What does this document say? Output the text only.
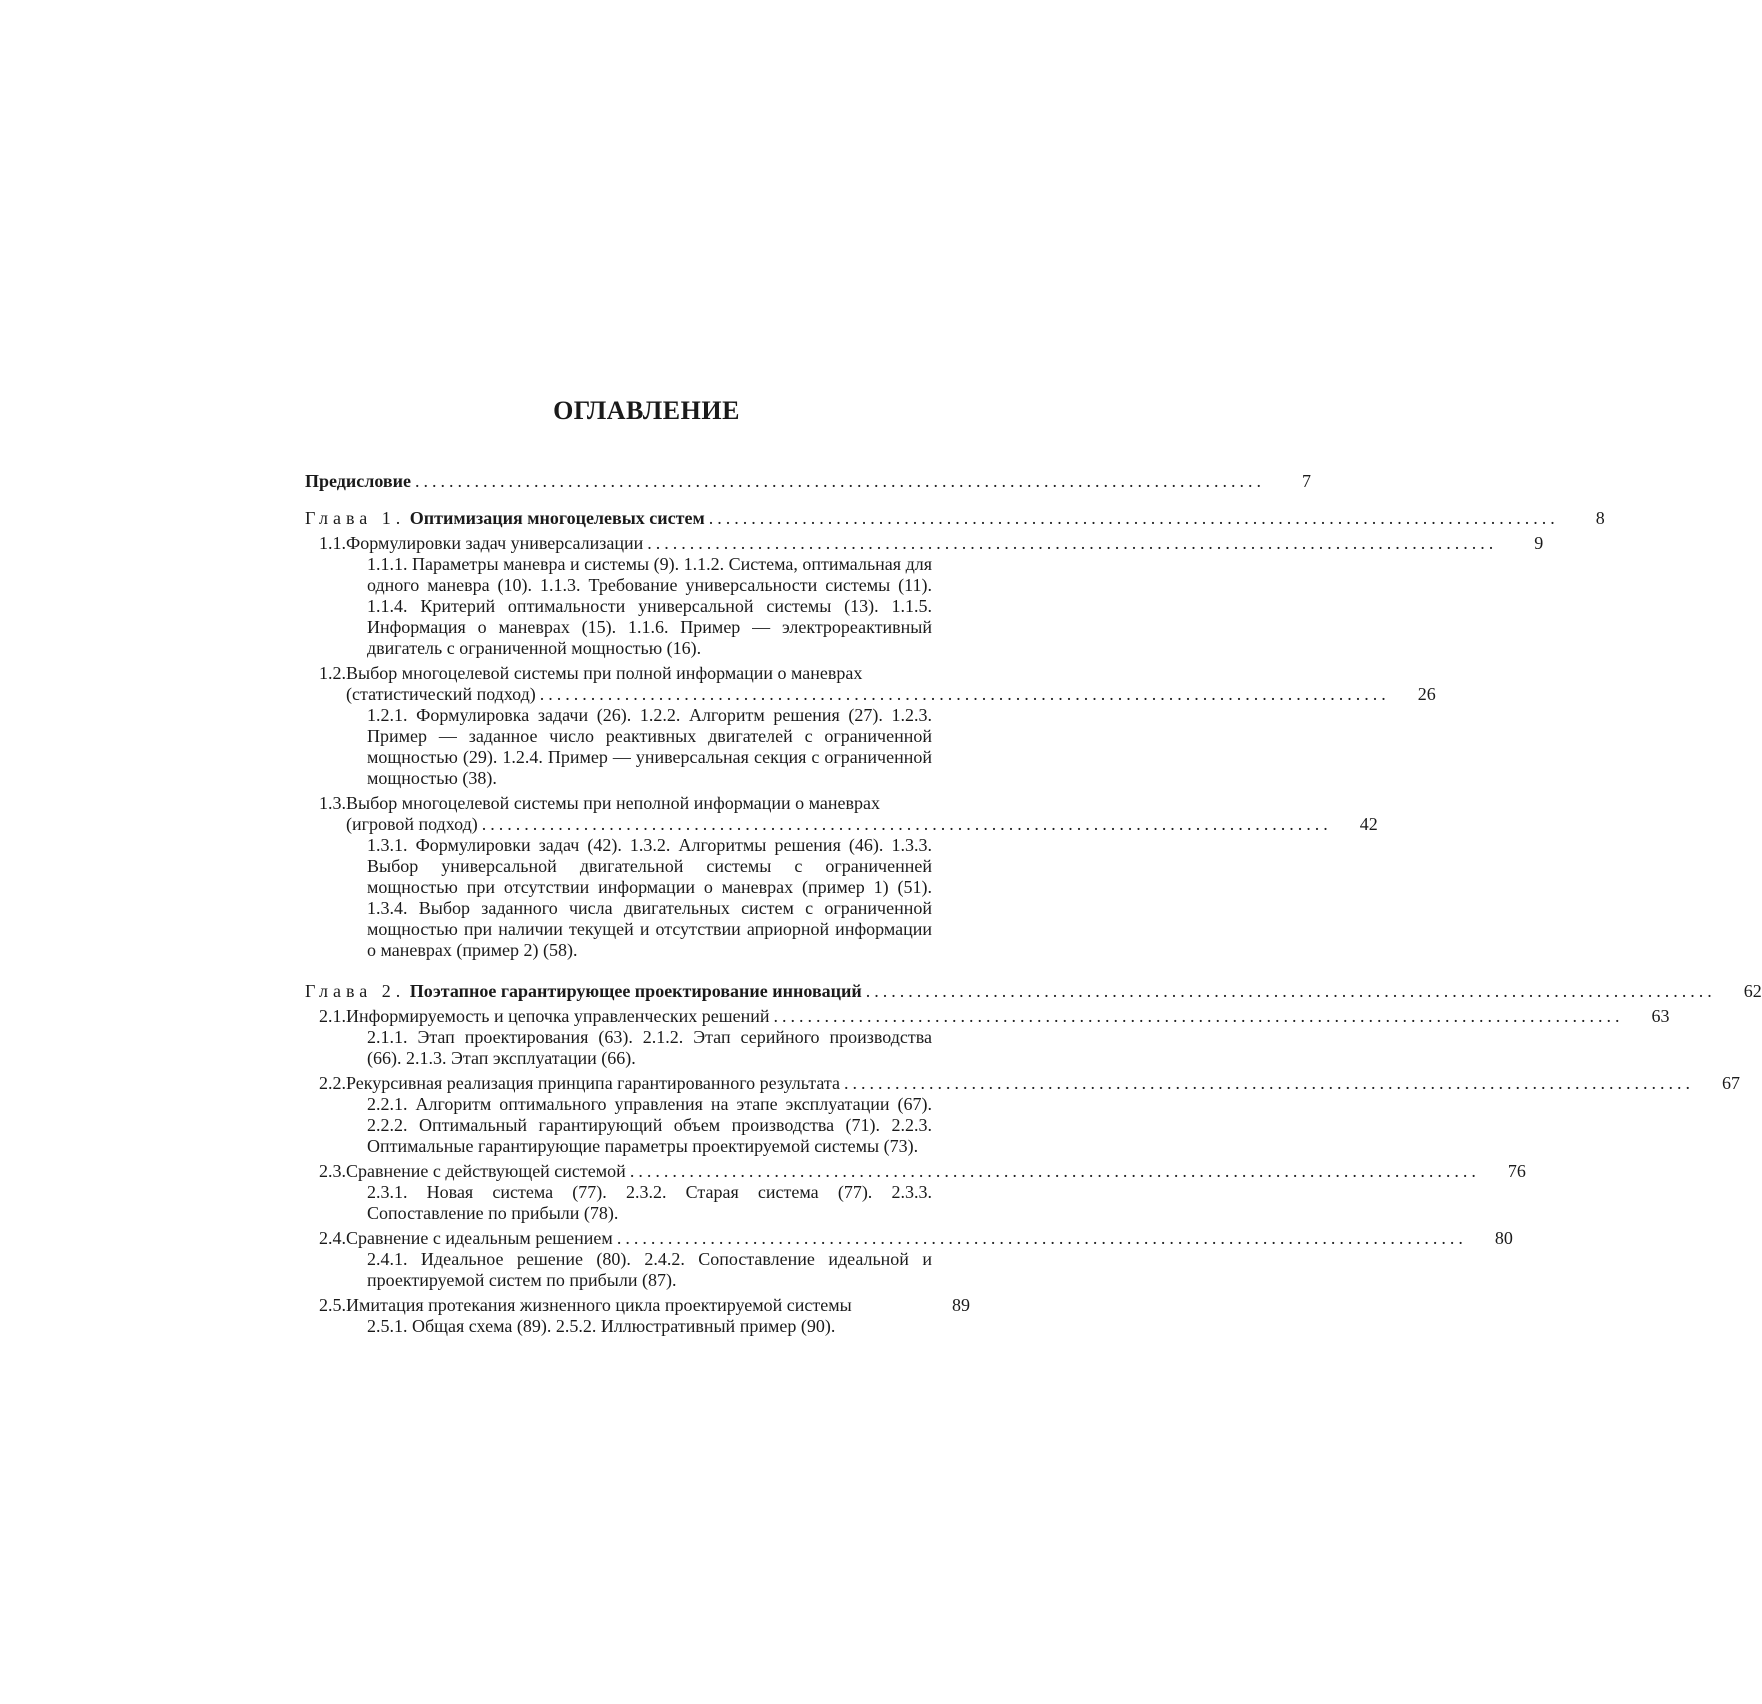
ОГЛАВЛЕНИЕ
Предисловие ....................................................................................................	7
Глава 1. Оптимизация многоцелевых систем ....................................................................................................	8
1.1. Формулировки задач универсализации ....................................................................................................	9
1.1.1. Параметры маневра и системы (9). 1.1.2. Система, оптимальная для одного маневра (10). 1.1.3. Требование универсальности системы (11). 1.1.4. Критерий оптимальности универсальной системы (13). 1.1.5. Информация о маневрах (15). 1.1.6. Пример — электрореактивный двигатель с ограниченной мощностью (16).
1.2. Выбор многоцелевой системы при полной информации о маневрах
(статистический подход) ....................................................................................................	26
1.2.1. Формулировка задачи (26). 1.2.2. Алгоритм решения (27). 1.2.3. Пример — заданное число реактивных двигателей с ограниченной мощностью (29). 1.2.4. Пример — универсальная секция с ограниченной мощностью (38).
1.3. Выбор многоцелевой системы при неполной информации о маневрах
(игровой подход) ....................................................................................................	42
1.3.1. Формулировки задач (42). 1.3.2. Алгоритмы решения (46). 1.3.3. Выбор универсальной двигательной системы с ограниченней мощностью при отсутствии информации о маневрах (пример 1) (51). 1.3.4. Выбор заданного числа двигательных систем с ограниченной мощностью при наличии текущей и отсутствии априорной информации о маневрах (пример 2) (58).
Глава 2. Поэтапное гарантирующее проектирование инноваций ....................................................................................................	62
2.1. Информируемость и цепочка управленческих решений ....................................................................................................	63
2.1.1. Этап проектирования (63). 2.1.2. Этап серийного производства (66). 2.1.3. Этап эксплуатации (66).
2.2. Рекурсивная реализация принципа гарантированного результата ....................................................................................................	67
2.2.1. Алгоритм оптимального управления на этапе эксплуатации (67). 2.2.2. Оптимальный гарантирующий объем производства (71). 2.2.3. Оптимальные гарантирующие параметры проектируемой системы (73).
2.3. Сравнение с действующей системой ....................................................................................................	76
2.3.1. Новая система (77). 2.3.2. Старая система (77). 2.3.3. Сопоставление по прибыли (78).
2.4. Сравнение с идеальным решением ....................................................................................................	80
2.4.1. Идеальное решение (80). 2.4.2. Сопоставление идеальной и проектируемой систем по прибыли (87).
2.5. Имитация протекания жизненного цикла проектируемой системы	89
2.5.1. Общая схема (89). 2.5.2. Иллюстративный пример (90).
